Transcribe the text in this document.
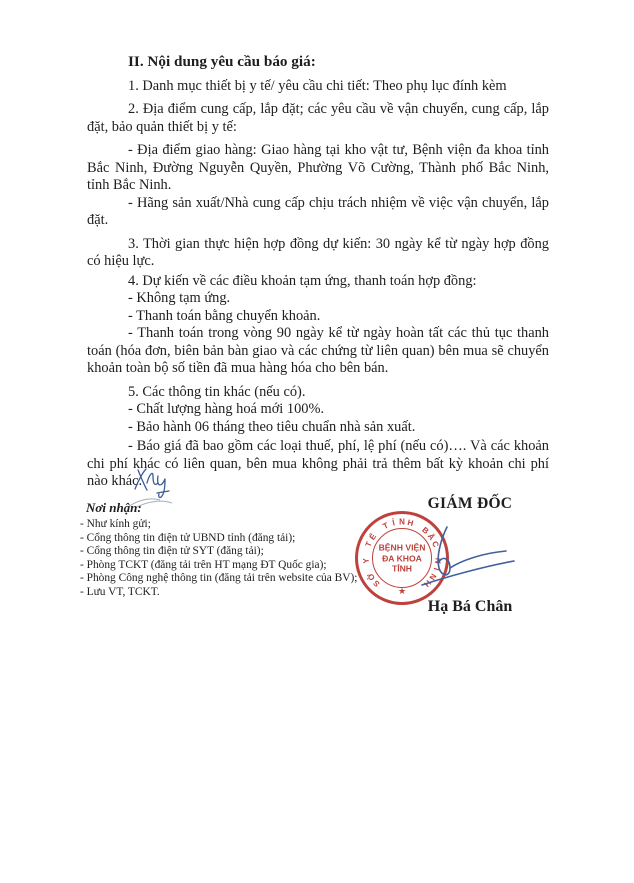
II. Nội dung yêu cầu báo giá:

1. Danh mục thiết bị y tế/ yêu cầu chi tiết: Theo phụ lục đính kèm

2. Địa điểm cung cấp, lắp đặt; các yêu cầu về vận chuyển, cung cấp, lắp đặt, bảo quản thiết bị y tế:

- Địa điểm giao hàng: Giao hàng tại kho vật tư, Bệnh viện đa khoa tỉnh Bắc Ninh, Đường Nguyễn Quyền, Phường Võ Cường, Thành phố Bắc Ninh, tỉnh Bắc Ninh.

- Hãng sản xuất/Nhà cung cấp chịu trách nhiệm về việc vận chuyển, lắp đặt.

3. Thời gian thực hiện hợp đồng dự kiến: 30 ngày kể từ ngày hợp đồng có hiệu lực.

4. Dự kiến về các điều khoản tạm ứng, thanh toán hợp đồng:

- Không tạm ứng.

- Thanh toán bằng chuyển khoản.

- Thanh toán trong vòng 90 ngày kể từ ngày hoàn tất các thủ tục thanh toán (hóa đơn, biên bản bàn giao và các chứng từ liên quan) bên mua sẽ chuyển khoản toàn bộ số tiền đã mua hàng hóa cho bên bán.

5. Các thông tin khác (nếu có).

- Chất lượng hàng hoá mới 100%.

- Bảo hành 06 tháng theo tiêu chuẩn nhà sản xuất.

- Báo giá đã bao gồm các loại thuế, phí, lệ phí (nếu có)…. Và các khoản chi phí khác có liên quan, bên mua không phải trả thêm bất kỳ khoản chi phí nào khác.

Nơi nhận:

- Như kính gửi;
- Cổng thông tin điện tử UBND tỉnh (đăng tải);
- Cổng thông tin điện tử SYT (đăng tải);
- Phòng TCKT (đăng tải trên HT mạng ĐT Quốc gia);
- Phòng Công nghệ thông tin (đăng tải trên website của BV);
- Lưu VT, TCKT.
GIÁM ĐỐC
Hạ Bá Chân
S
Ở
Y
T
Ế
T Ỉ N H
B
Ắ
C
N
I
N
H
BỆNH VIỆN
ĐA KHOA
TỈNH
★
